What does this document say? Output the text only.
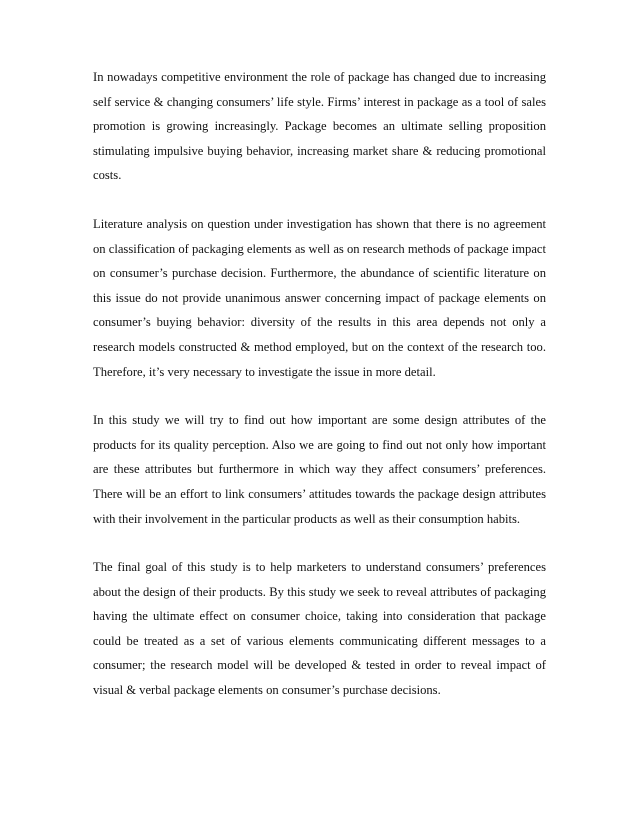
In nowadays competitive environment the role of package has changed due to increasing self service & changing consumers’ life style. Firms’ interest in package as a tool of sales promotion is growing increasingly. Package becomes an ultimate selling proposition stimulating impulsive buying behavior, increasing market share & reducing promotional costs.

Literature analysis on question under investigation has shown that there is no agreement on classification of packaging elements as well as on research methods of package impact on consumer’s purchase decision. Furthermore, the abundance of scientific literature on this issue do not provide unanimous answer concerning impact of package elements on consumer’s buying behavior: diversity of the results in this area depends not only a research models constructed & method employed, but on the context of the research too. Therefore, it’s very necessary to investigate the issue in more detail.

In this study we will try to find out how important are some design attributes of the products for its quality perception. Also we are going to find out not only how important are these attributes but furthermore in which way they affect consumers’ preferences. There will be an effort to link consumers’ attitudes towards the package design attributes with their involvement in the particular products as well as their consumption habits.

The final goal of this study is to help marketers to understand consumers’ preferences about the design of their products. By this study we seek to reveal attributes of packaging having the ultimate effect on consumer choice, taking into consideration that package could be treated as a set of various elements communicating different messages to a consumer; the research model will be developed & tested in order to reveal impact of visual & verbal package elements on consumer’s purchase decisions.
